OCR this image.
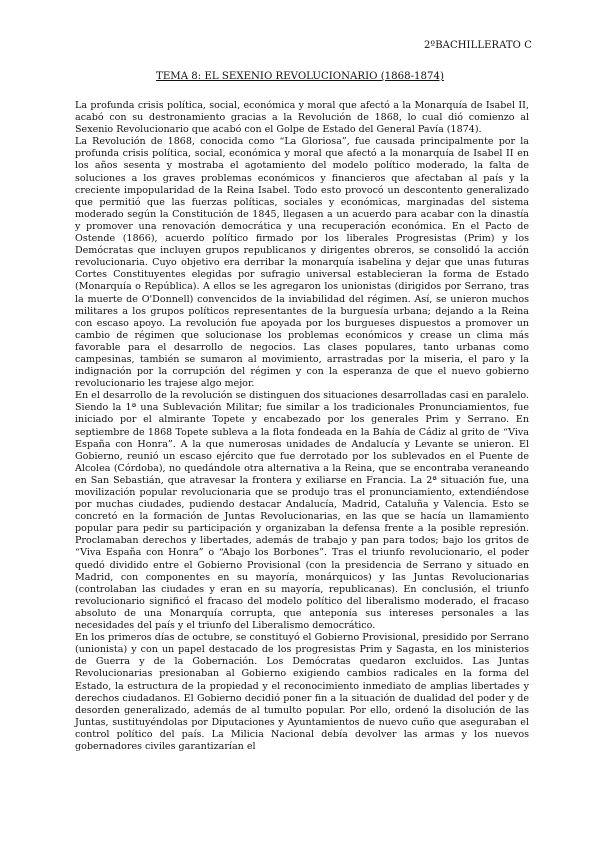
2ºBACHILLERATO C
TEMA 8: EL SEXENIO REVOLUCIONARIO (1868-1874)

La profunda crisis política, social, económica y moral que afectó a la Monarquía de Isabel II, acabó con su destronamiento gracias a la Revolución de 1868, lo cual dió comienzo al Sexenio Revolucionario que acabó con el Golpe de Estado del General Pavía (1874).

La Revolución de 1868, conocida como “La Gloriosa”, fue causada principalmente por la profunda crisis política, social, económica y moral que afectó a la monarquía de Isabel II en los años sesenta y mostraba el agotamiento del modelo político moderado, la falta de soluciones a los graves problemas económicos y financieros que afectaban al país y la creciente impopularidad de la Reina Isabel. Todo esto provocó un descontento generalizado que permitió que las fuerzas políticas, sociales y económicas, marginadas del sistema moderado según la Constitución de 1845, llegasen a un acuerdo para acabar con la dinastía y promover una renovación democrática y una recuperación económica. En el Pacto de Ostende (1866), acuerdo político firmado por los liberales Progresistas (Prim) y los Demócratas que incluyen grupos republicanos y dirigentes obreros, se consolidó la acción revolucionaria. Cuyo objetivo era derribar la monarquía isabelina y dejar que unas futuras Cortes Constituyentes elegidas por sufragio universal establecieran la forma de Estado (Monarquía o República). A ellos se les agregaron los unionistas (dirigidos por Serrano, tras la muerte de O'Donnell) convencidos de la inviabilidad del régimen. Así, se unieron muchos militares a los grupos políticos representantes de la burguesía urbana; dejando a la Reina con escaso apoyo. La revolución fue apoyada por los burgueses dispuestos a promover un cambio de régimen que solucionase los problemas económicos y crease un clima más favorable para el desarrollo de negocios. Las clases populares, tanto urbanas como campesinas, también se sumaron al movimiento, arrastradas por la miseria, el paro y la indignación por la corrupción del régimen y con la esperanza de que el nuevo gobierno revolucionario les trajese algo mejor.

En el desarrollo de la revolución se distinguen dos situaciones desarrolladas casi en paralelo. Siendo la 1ª una Sublevación Militar; fue similar a los tradicionales Pronunciamientos, fue iniciado por el almirante Topete y encabezado por los generales Prim y Serrano. En septiembre de 1868 Topete subleva a la flota fondeada en la Bahía de Cádiz al grito de “Viva España con Honra”. A la que numerosas unidades de Andalucía y Levante se unieron. El Gobierno, reunió un escaso ejército que fue derrotado por los sublevados en el Puente de Alcolea (Córdoba), no quedándole otra alternativa a la Reina, que se encontraba veraneando en San Sebastián, que atravesar la frontera y exiliarse en Francia. La 2ª situación fue, una movilización popular revolucionaria que se produjo tras el pronunciamiento, extendiéndose por muchas ciudades, pudiendo destacar Andalucía, Madrid, Cataluña y Valencia. Esto se concretó en la formación de Juntas Revolucionarias, en las que se hacía un llamamiento popular para pedir su participación y organizaban la defensa frente a la posible represión. Proclamaban derechos y libertades, además de trabajo y pan para todos; bajo los gritos de “Viva España con Honra” o “Abajo los Borbones”. Tras el triunfo revolucionario, el poder quedó dividido entre el Gobierno Provisional (con la presidencia de Serrano y situado en Madrid, con componentes en su mayoría, monárquicos) y las Juntas Revolucionarias (controlaban las ciudades y eran en su mayoría, republicanas). En conclusión, el triunfo revolucionario significó el fracaso del modelo político del liberalismo moderado, el fracaso absoluto de una Monarquía corrupta, que anteponía sus intereses personales a las necesidades del país y el triunfo del Liberalismo democrático.

En los primeros días de octubre, se constituyó el Gobierno Provisional, presidido por Serrano (unionista) y con un papel destacado de los progresistas Prim y Sagasta, en los ministerios de Guerra y de la Gobernación. Los Demócratas quedaron excluidos. Las Juntas Revolucionarias presionaban al Gobierno exigiendo cambios radicales en la forma del Estado, la estructura de la propiedad y el reconocimiento inmediato de amplias libertades y derechos ciudadanos. El Gobierno decidió poner fin a la situación de dualidad del poder y de desorden generalizado, además de al tumulto popular. Por ello, ordenó la disolución de las Juntas, sustituyéndolas por Diputaciones y Ayuntamientos de nuevo cuño que aseguraban el control político del país. La Milicia Nacional debía devolver las armas y los nuevos gobernadores civiles garantizarían el
